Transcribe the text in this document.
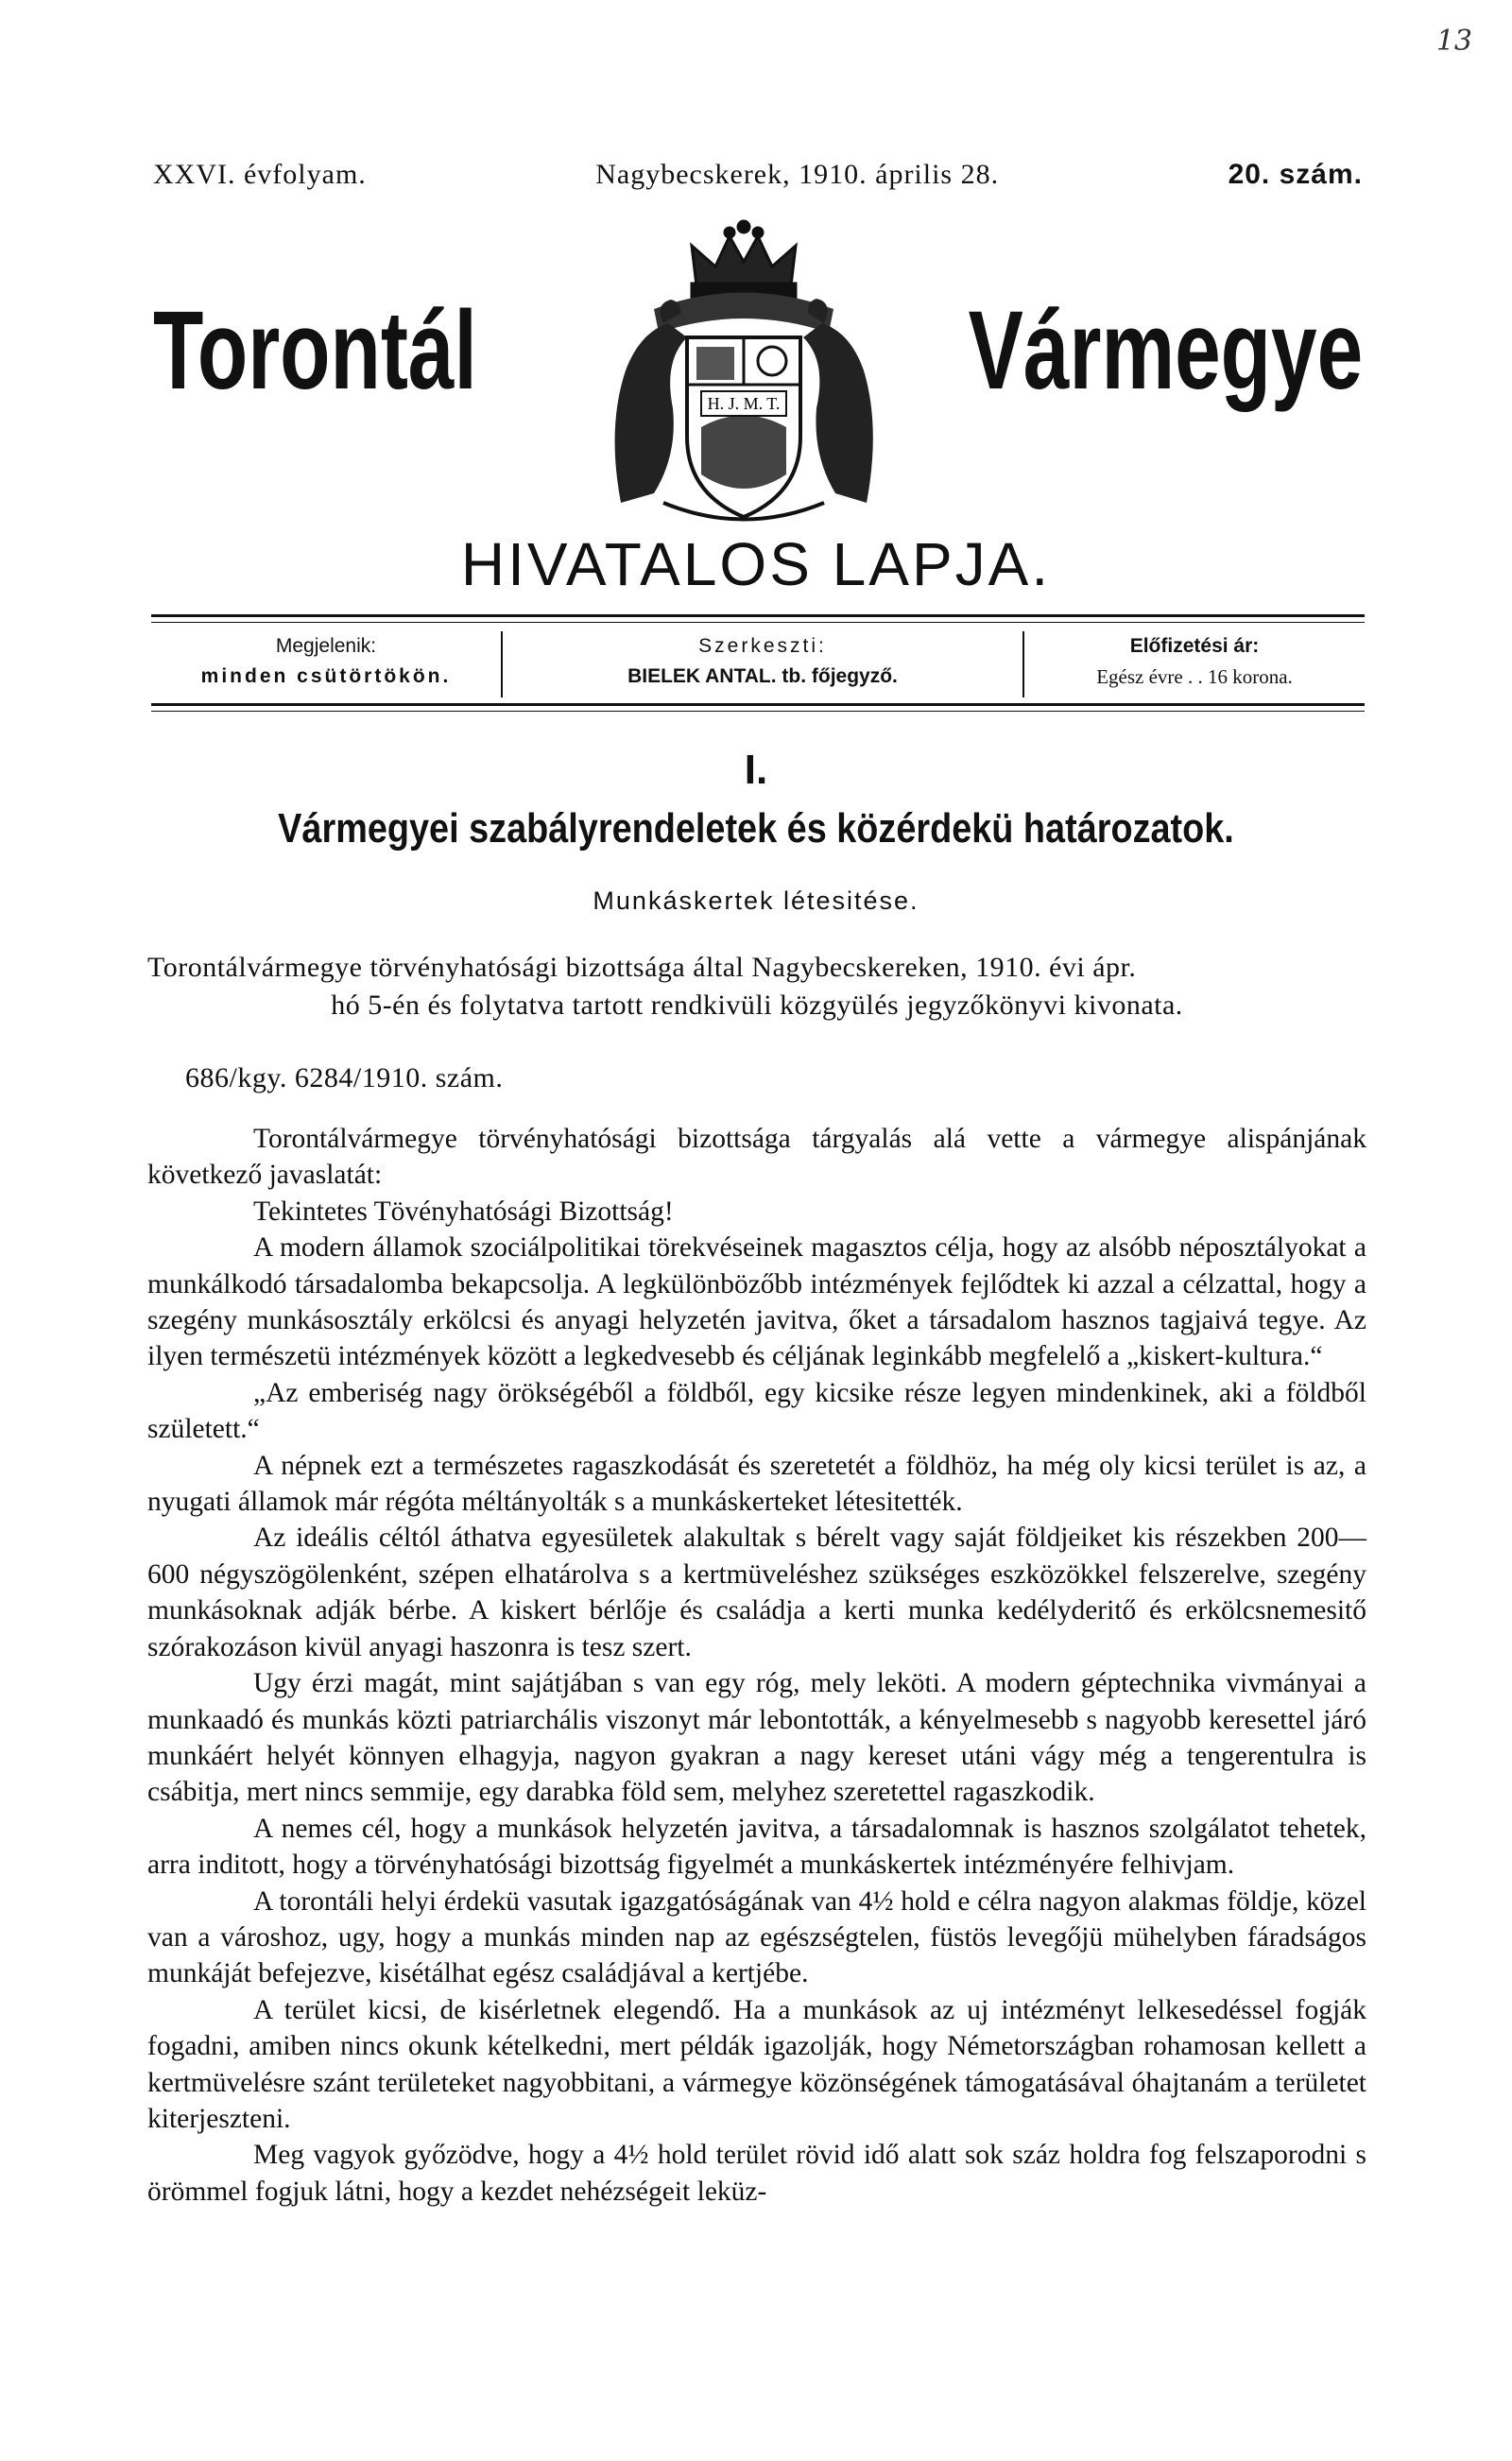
13
XXVI. évfolyam.	Nagybecskerek, 1910. április 28.	20. szám.
Torontál	H. J. M. T. Vármegye
HIVATALOS LAPJA.
Megjelenik:
minden csütörtökön.
Szerkeszti:
BIELEK ANTAL. tb. főjegyző.
Előfizetési ár:
Egész évre . . 16 korona.
I.
Vármegyei szabályrendeletek és közérdekü határozatok.
Munkáskertek létesitése.
Torontálvármegye törvényhatósági bizottsága által Nagybecskereken, 1910. évi ápr.
hó 5-én és folytatva tartott rendkivüli közgyülés jegyzőkönyvi kivonata.
686/kgy. 6284/1910. szám.

Torontálvármegye törvényhatósági bizottsága tárgyalás alá vette a vármegye alispánjának következő javaslatát:

Tekintetes Tövényhatósági Bizottság!

A modern államok szociálpolitikai törekvéseinek magasztos célja, hogy az alsóbb néposztályokat a munkálkodó társadalomba bekapcsolja. A legkülönbözőbb intézmények fejlődtek ki azzal a célzattal, hogy a szegény munkásosztály erkölcsi és anyagi helyzetén javitva, őket a társadalom hasznos tagjaivá tegye. Az ilyen természetü intézmények között a legkedvesebb és céljának leginkább megfelelő a „kiskert-kultura.“

„Az emberiség nagy örökségéből a földből, egy kicsike része legyen mindenkinek, aki a földből született.“

A népnek ezt a természetes ragaszkodását és szeretetét a földhöz, ha még oly kicsi terület is az, a nyugati államok már régóta méltányolták s a munkáskerteket létesitették.

Az ideális céltól áthatva egyesületek alakultak s bérelt vagy saját földjeiket kis részekben 200—600 négyszögölenként, szépen elhatárolva s a kertmüveléshez szükséges eszközökkel felszerelve, szegény munkásoknak adják bérbe. A kiskert bérlője és családja a kerti munka kedélyderitő és erkölcsnemesitő szórakozáson kivül anyagi haszonra is tesz szert.

Ugy érzi magát, mint sajátjában s van egy róg, mely leköti. A modern géptechnika vivmányai a munkaadó és munkás közti patriarchális viszonyt már lebontották, a kényelmesebb s nagyobb keresettel járó munkáért helyét könnyen elhagyja, nagyon gyakran a nagy kereset utáni vágy még a tengerentulra is csábitja, mert nincs semmije, egy darabka föld sem, melyhez szeretettel ragaszkodik.

A nemes cél, hogy a munkások helyzetén javitva, a társadalomnak is hasznos szolgálatot tehetek, arra inditott, hogy a törvényhatósági bizottság figyelmét a munkáskertek intézményére felhivjam.

A torontáli helyi érdekü vasutak igazgatóságának van 4½ hold e célra nagyon alakmas földje, közel van a városhoz, ugy, hogy a munkás minden nap az egészségtelen, füstös levegőjü mühelyben fáradságos munkáját befejezve, kisétálhat egész családjával a kertjébe.

A terület kicsi, de kisérletnek elegendő. Ha a munkások az uj intézményt lelkesedéssel fogják fogadni, amiben nincs okunk kételkedni, mert példák igazolják, hogy Németországban rohamosan kellett a kertmüvelésre szánt területeket nagyobbitani, a vármegye közönségének támogatásával óhajtanám a területet kiterjeszteni.

Meg vagyok győzödve, hogy a 4½ hold terület rövid idő alatt sok száz holdra fog felszaporodni s örömmel fogjuk látni, hogy a kezdet nehézségeit leküz-
